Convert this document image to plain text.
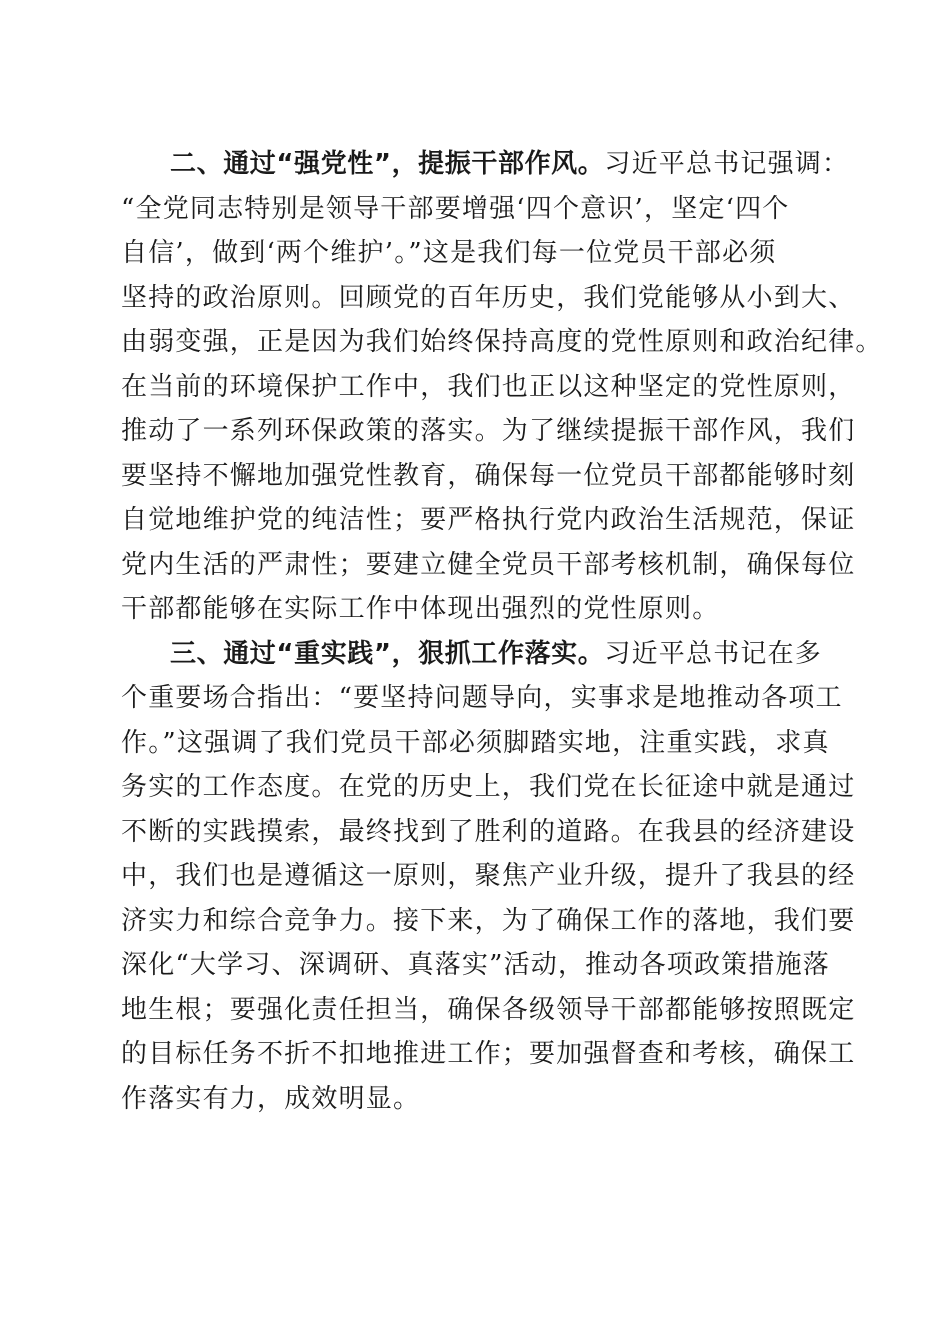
二、通过“强党性”，提振干部作风。习近平总书记强调：
“全党同志特别是领导干部要增强‘四个意识’，坚定‘四个
自信’，做到‘两个维护’。”这是我们每一位党员干部必须
坚持的政治原则。回顾党的百年历史，我们党能够从小到大、
由弱变强，正是因为我们始终保持高度的党性原则和政治纪律。
在当前的环境保护工作中，我们也正以这种坚定的党性原则，
推动了一系列环保政策的落实。为了继续提振干部作风，我们
要坚持不懈地加强党性教育，确保每一位党员干部都能够时刻
自觉地维护党的纯洁性；要严格执行党内政治生活规范，保证
党内生活的严肃性；要建立健全党员干部考核机制，确保每位
干部都能够在实际工作中体现出强烈的党性原则。
三、通过“重实践”，狠抓工作落实。习近平总书记在多
个重要场合指出：“要坚持问题导向，实事求是地推动各项工
作。”这强调了我们党员干部必须脚踏实地，注重实践，求真
务实的工作态度。在党的历史上，我们党在长征途中就是通过
不断的实践摸索，最终找到了胜利的道路。在我县的经济建设
中，我们也是遵循这一原则，聚焦产业升级，提升了我县的经
济实力和综合竞争力。接下来，为了确保工作的落地，我们要
深化“大学习、深调研、真落实”活动，推动各项政策措施落
地生根；要强化责任担当，确保各级领导干部都能够按照既定
的目标任务不折不扣地推进工作；要加强督查和考核，确保工
作落实有力，成效明显。
